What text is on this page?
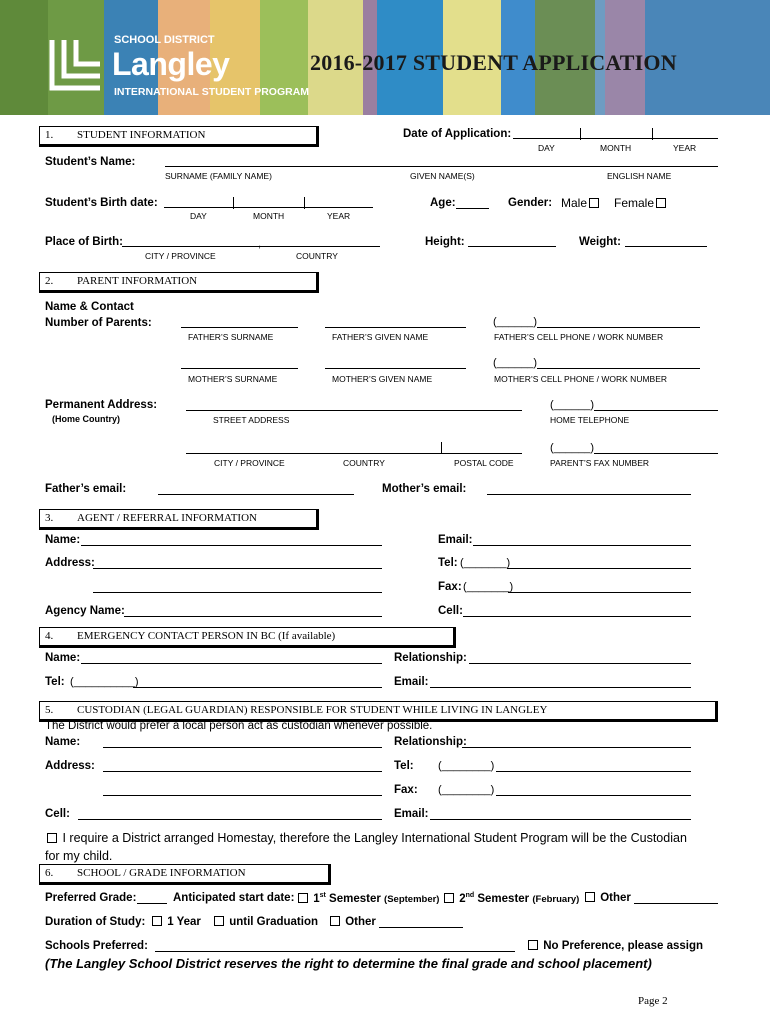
SCHOOL DISTRICT
Langley
INTERNATIONAL STUDENT PROGRAM
2016-2017 STUDENT APPLICATION
1. STUDENT INFORMATION	Date of Application:
DAY	MONTH	YEAR
Student’s Name:
SURNAME (FAMILY NAME)	GIVEN NAME(S)	ENGLISH NAME
Student’s Birth date:
DAY	MONTH	YEAR
Age:	Gender: Male	Female
Place of Birth:	,
CITY / PROVINCE	COUNTRY
Height:	Weight:
2. PARENT INFORMATION
Name & Contact
Number of Parents:	(______)
FATHER’S SURNAME	FATHER’S GIVEN NAME	FATHER’S CELL PHONE / WORK NUMBER
(______)
MOTHER’S SURNAME	MOTHER’S GIVEN NAME	MOTHER’S CELL PHONE / WORK NUMBER
Permanent Address:
(Home Country)
(______)
STREET ADDRESS	HOME TELEPHONE
(______)
CITY / PROVINCE	COUNTRY	POSTAL CODE	PARENT’S FAX NUMBER
Father’s email:	Mother’s email:
3. AGENT / REFERRAL INFORMATION
Name:	Email:
Address:	Tel: (_______)
Fax: (_______)
Agency Name:	Cell:
4. EMERGENCY CONTACT PERSON IN BC (If available)
Name:	Relationship:
Tel: (__________)	Email:
5. CUSTODIAN (LEGAL GUARDIAN) RESPONSIBLE FOR STUDENT WHILE LIVING IN LANGLEY
The District would prefer a local person act as custodian whenever possible.
Name:	Relationship:
Address:	Tel: (________)
Fax: (________)
Cell:	Email:
I require a District arranged Homestay, therefore the Langley International Student Program will be the Custodian
for my child.
6. SCHOOL / GRADE INFORMATION
Preferred Grade:	Anticipated start date:	1st Semester (September)	2nd Semester (February)	Other
Duration of Study:	1 Year	until Graduation	Other
Schools Preferred:	No Preference, please assign
(The Langley School District reserves the right to determine the final grade and school placement)
Page 2
